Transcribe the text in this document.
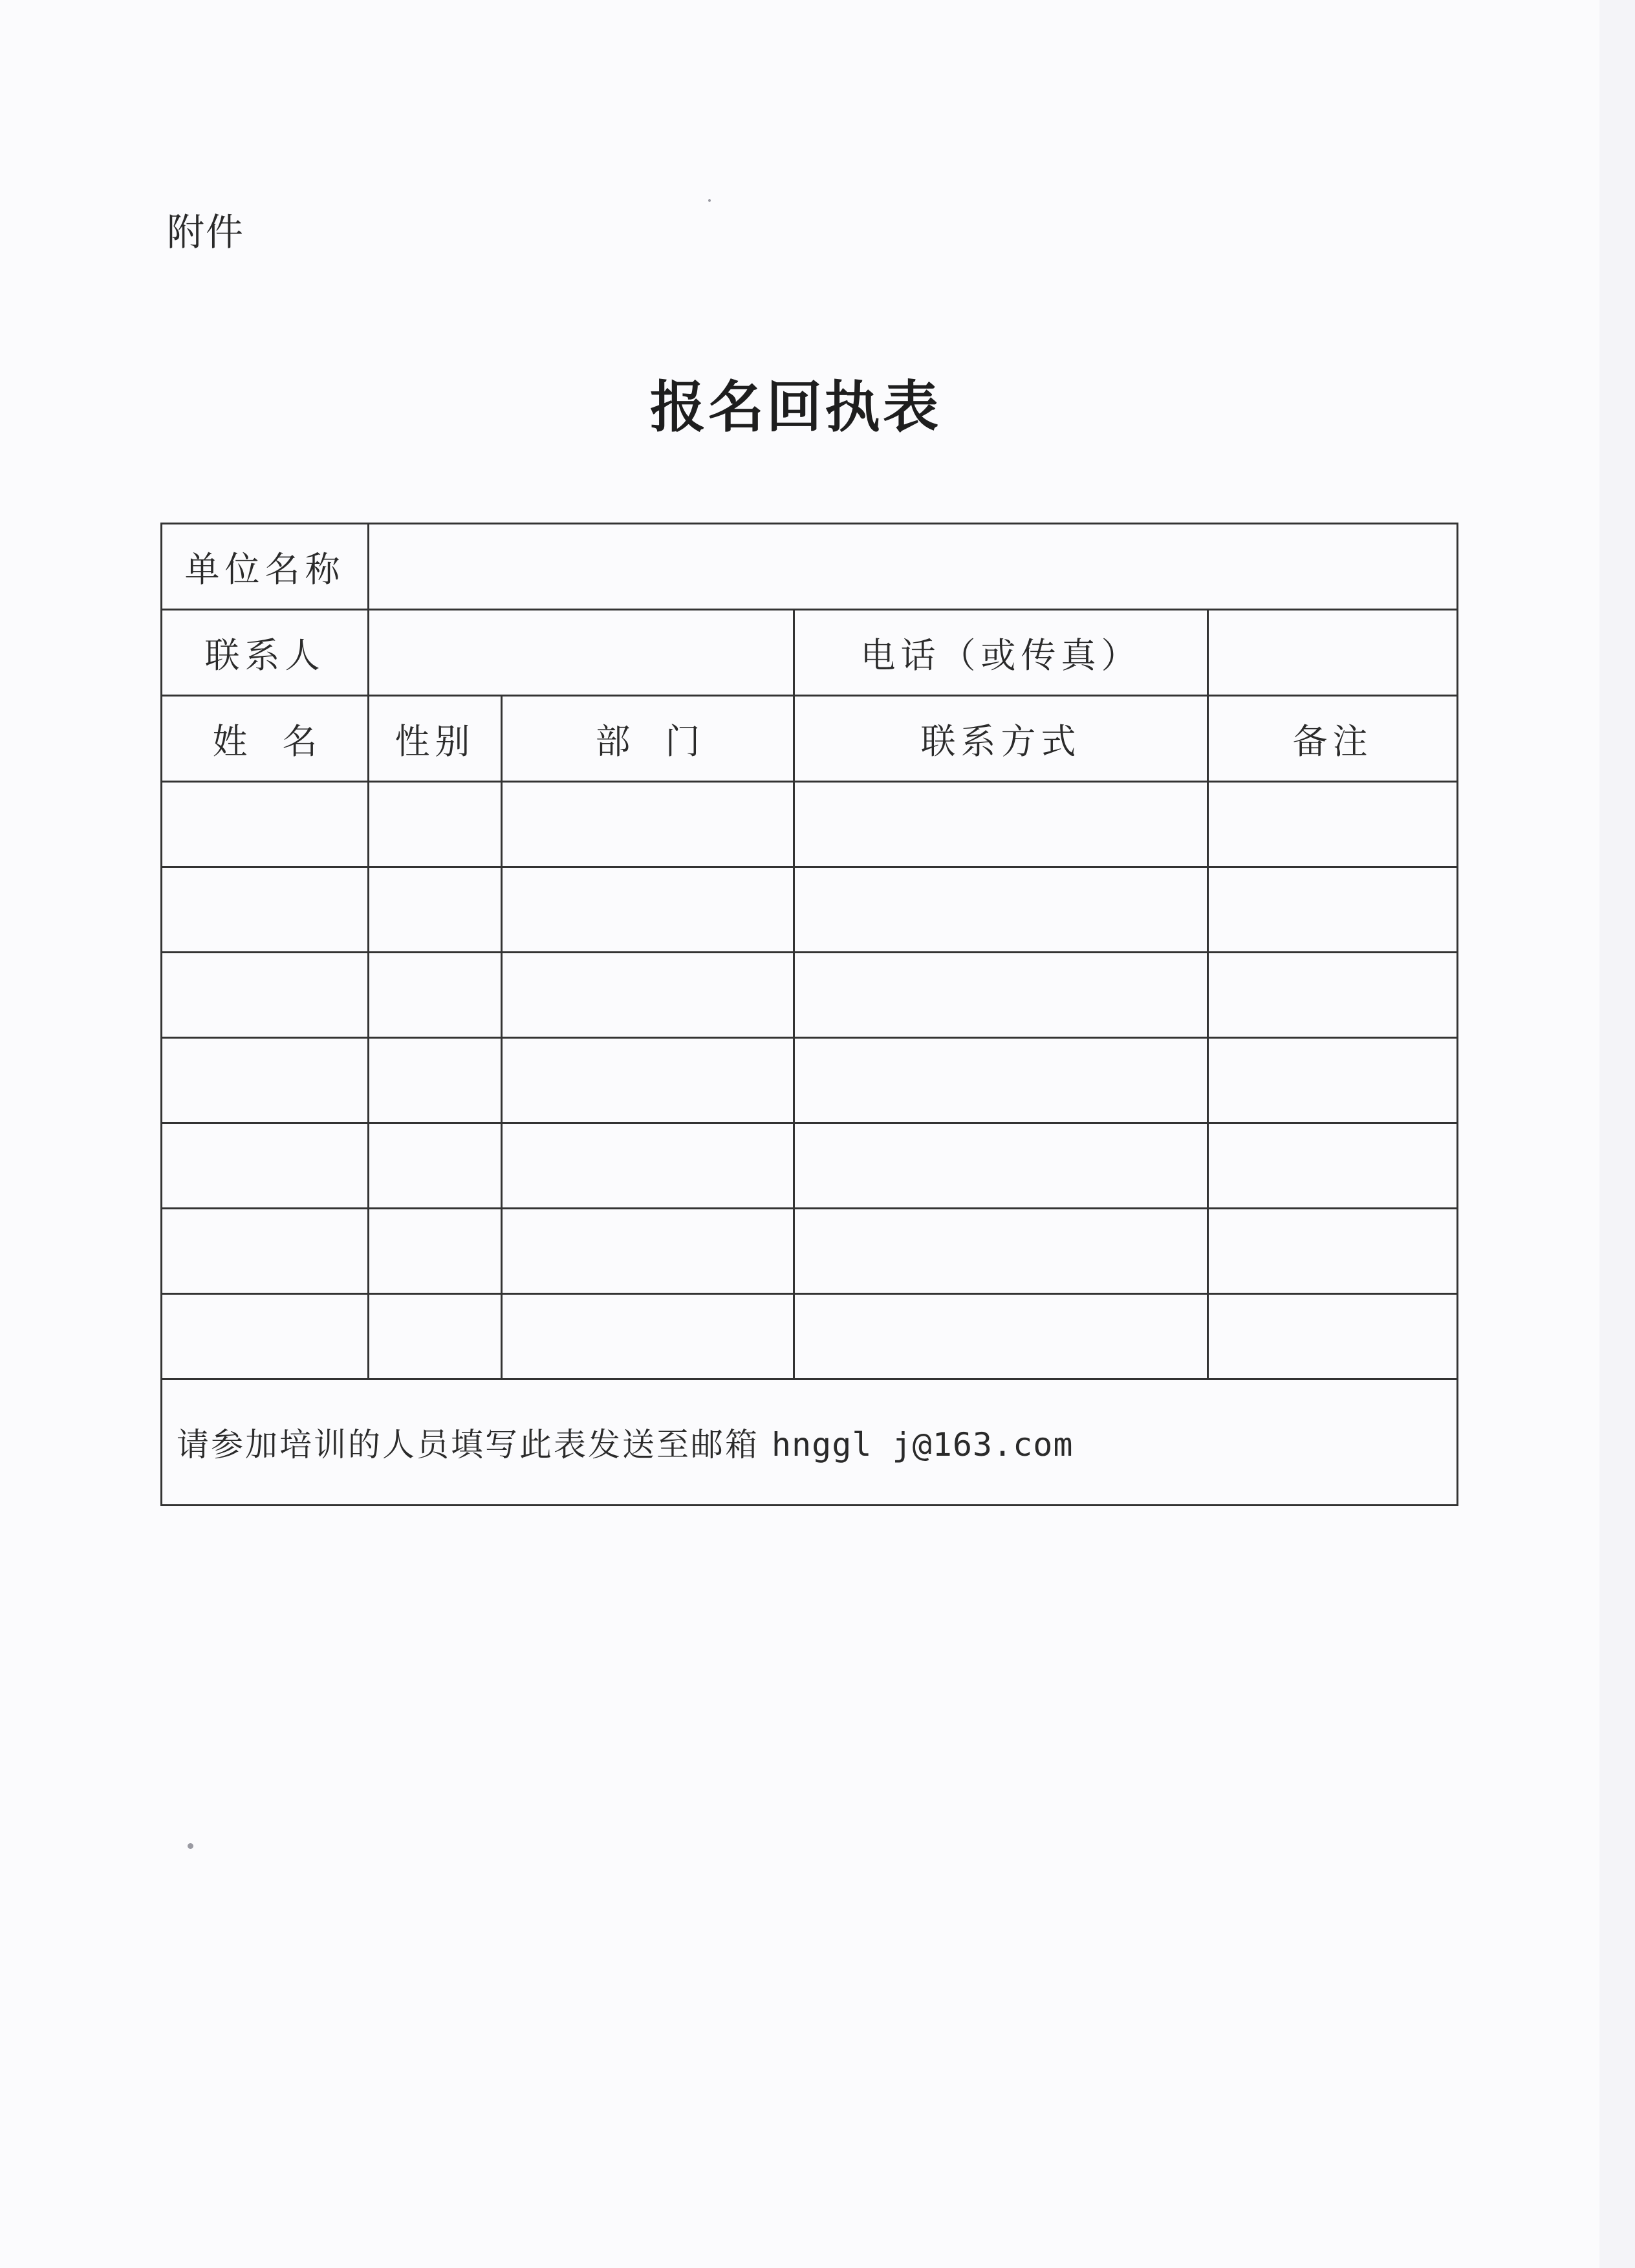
附件
报名回执表
单位名称				
联系人			电话（或传真）	
姓　名	性别	部　门	联系方式	备注

请参加培训的人员填写此表发送至邮箱 hnggl j@163.com				
